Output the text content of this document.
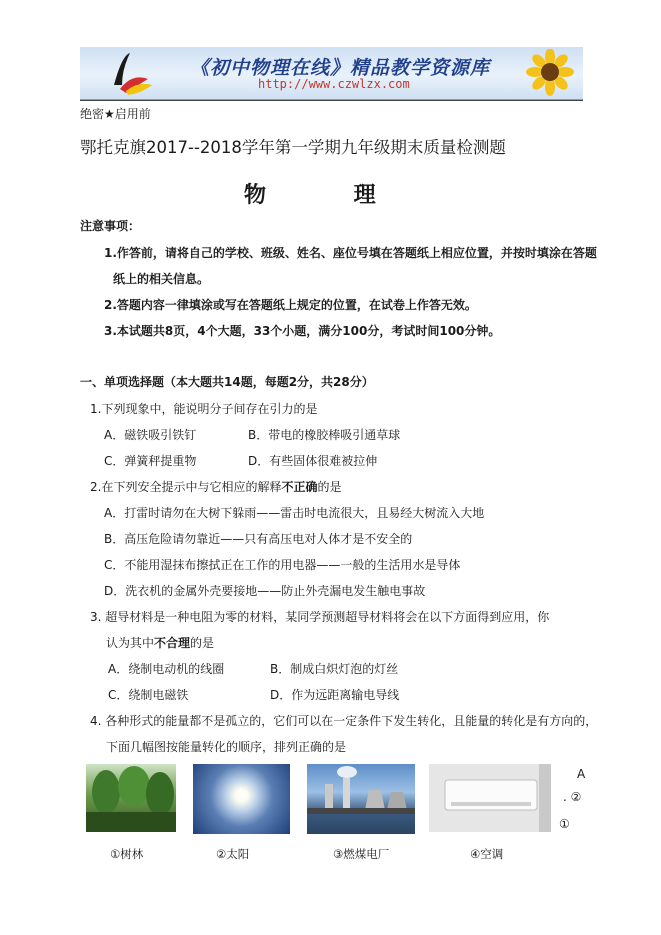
《初中物理在线》精品教学资源库
http://www.czwlzx.com
绝密★启用前
鄂托克旗2017--2018学年第一学期九年级期末质量检测题
物 理
注意事项：
1.作答前，请将自己的学校、班级、姓名、座位号填在答题纸上相应位置，并按时填涂在答题
纸上的相关信息。
2.答题内容一律填涂或写在答题纸上规定的位置，在试卷上作答无效。
3.本试题共8页，4个大题，33个小题，满分100分，考试时间100分钟。
一、单项选择题（本大题共14题，每题2分，共28分）
1.下列现象中，能说明分子间存在引力的是
A．磁铁吸引铁钉	B．带电的橡胶棒吸引通草球
C．弹簧秤提重物	D．有些固体很难被拉伸
2.在下列安全提示中与它相应的解释不正确的是
A．打雷时请勿在大树下躲雨——雷击时电流很大，且易经大树流入大地
B．高压危险请勿靠近——只有高压电对人体才是不安全的
C．不能用湿抹布擦拭正在工作的用电器——一般的生活用水是导体
D．洗衣机的金属外壳要接地——防止外壳漏电发生触电事故
3. 超导材料是一种电阻为零的材料，某同学预测超导材料将会在以下方面得到应用，你
认为其中不合理的是
A．绕制电动机的线圈	B．制成白炽灯泡的灯丝
C．绕制电磁铁	D．作为远距离输电导线
4. 各种形式的能量都不是孤立的，它们可以在一定条件下发生转化，且能量的转化是有方向的，
下面几幅图按能量转化的顺序，排列正确的是
A
. ②
①
①树林	②太阳	③燃煤电厂	④空调
